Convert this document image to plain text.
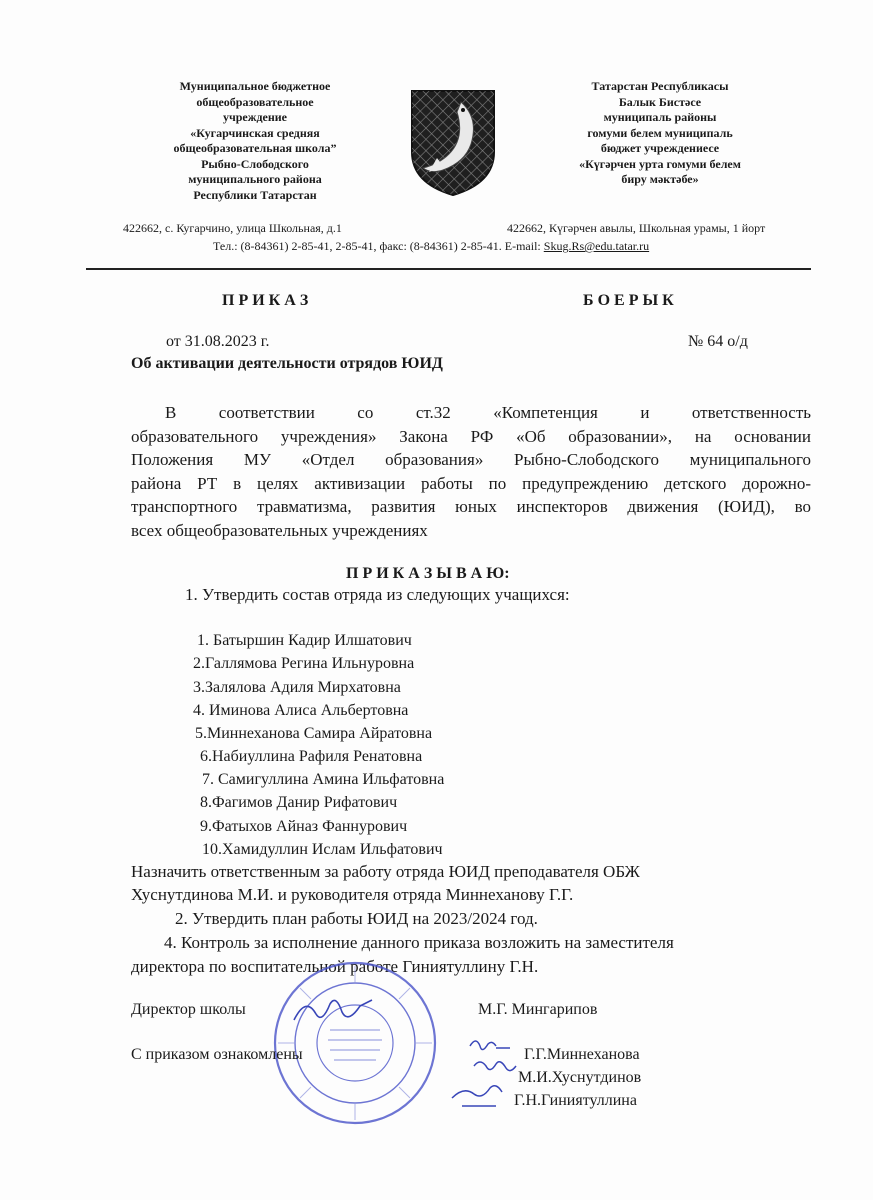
Муниципальное бюджетное
общеобразовательное
учреждение
«Кугарчинская средняя
общеобразовательная школа”
Рыбно-Слободского
муниципального района
Республики Татарстан
Татарстан Республикасы
Балык Бистәсе
муниципаль районы
гомуми белем муниципаль
бюджет учреждениесе
«Күгәрчен урта гомуми белем
биру мәктәбе»
422662, с. Кугарчино, улица Школьная, д.1	422662, Күгәрчен авылы, Школьная урамы, 1 йорт
Тел.: (8-84361) 2-85-41, 2-85-41, факс: (8-84361) 2-85-41. E-mail: Skug.Rs@edu.tatar.ru
П Р И К А З	Б О Е Р Ы К
от 31.08.2023 г.	№ 64 о/д
Об активации деятельности отрядов ЮИД
В соответствии со ст.32 «Компетенция и ответственность
образовательного учреждения» Закона РФ «Об образовании», на основании
Положения МУ «Отдел образования» Рыбно-Слободского муниципального
района РТ в целях активизации работы по предупреждению детского дорожно-
транспортного травматизма, развития юных инспекторов движения (ЮИД), во
всех общеобразовательных учреждениях
П Р И К А З Ы В А Ю:
1. Утвердить состав отряда из следующих учащихся:
1. Батыршин Кадир Илшатович
2.Галлямова Регина Ильнуровна
3.Залялова Адиля Мирхатовна
4. Иминова Алиса Альбертовна
5.Миннеханова Самира Айратовна
6.Набиуллина Рафиля Ренатовна
7. Самигуллина Амина Ильфатовна
8.Фагимов Данир Рифатович
9.Фатыхов Айназ Фаннурович
10.Хамидуллин Ислам Ильфатович
Назначить ответственным за работу отряда ЮИД преподавателя ОБЖ
Хуснутдинова М.И. и руководителя отряда Миннеханову Г.Г.
2. Утвердить план работы ЮИД на 2023/2024 год.
4. Контроль за исполнение данного приказа возложить на заместителя
директора по воспитательной работе Гиниятуллину Г.Н.
Директор школы	М.Г. Мингарипов
С приказом ознакомлены	Г.Г.Миннеханова
М.И.Хуснутдинов
Г.Н.Гиниятуллина
